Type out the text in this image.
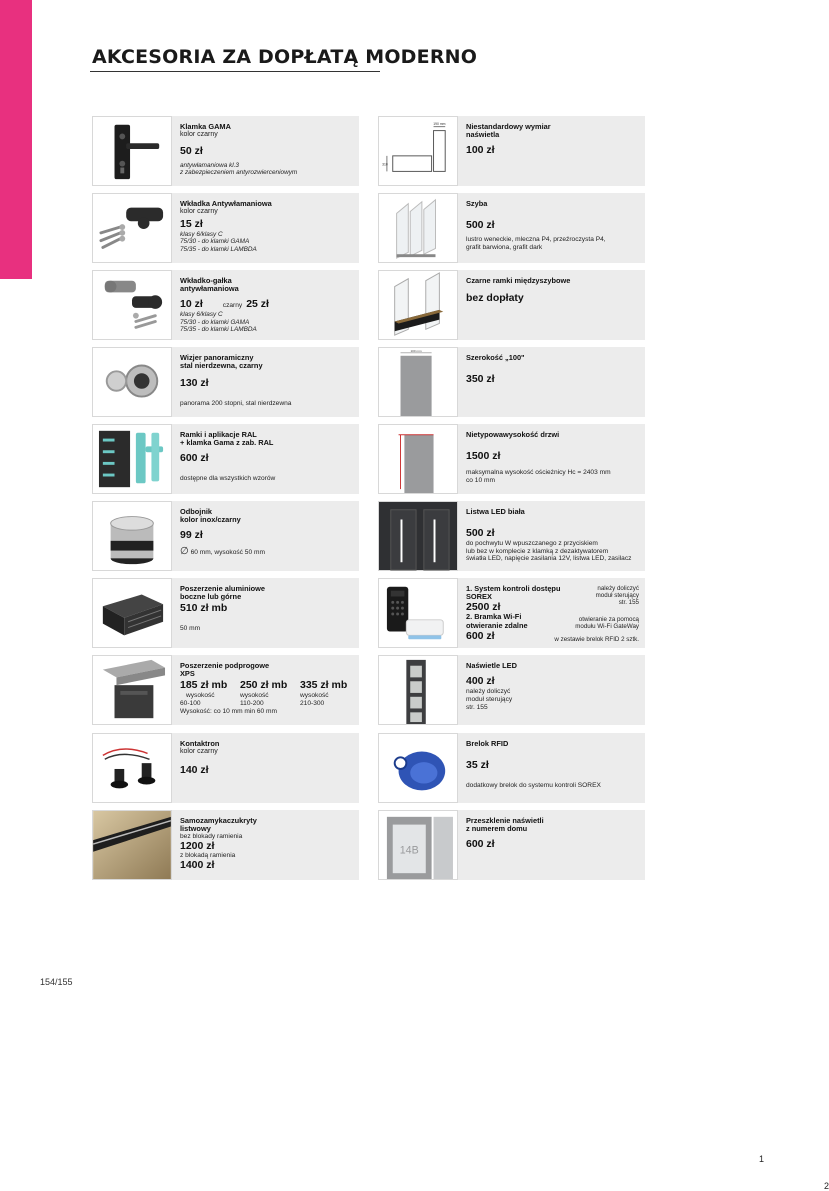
AKCESORIA ZA DOPŁATĄ MODERNO
Klamka GAMA
kolor czarny
50 zł
antywłamaniowa kl.3
z zabezpieczeniem antyrozwierceniowym
Wkładka Antywłamaniowa
kolor czarny
15 zł
klasy 6/klasy C
75/30 - do klamki GAMA
75/35 - do klamki LAMBDA
Wkładko-gałka
antywłamaniowa
10 zł	czarny 25 zł
klasy 6/klasy C
75/30 - do klamki GAMA
75/35 - do klamki LAMBDA
Wizjer panoramiczny
stal nierdzewna, czarny
130 zł
panorama 200 stopni, stal nierdzewna
Ramki i aplikacje RAL
+ klamka Gama z zab. RAL
600 zł
dostępne dla wszystkich wzorów
Odbojnik
kolor inox/czarny
99 zł
∅ 60 mm, wysokość 50 mm
Poszerzenie aluminiowe
boczne lub górne
510 zł mb
50 mm
Poszerzenie podprogowe
XPS
185 zł mb
wysokość
60-100
250 zł mb
wysokość
110-200
335 zł mb
wysokość
210-300
Wysokość: co 10 mm min 60 mm
Kontaktron
kolor czarny
140 zł
Samozamykaczukryty
listwowy
bez blokady ramienia
1200 zł
z blokadą ramienia
1400 zł
190 mm
310
Niestandardowy wymiar
naświetla
100 zł
Szyba
500 zł
lustro weneckie, mleczna P4, przeźroczysta P4,
grafit barwiona, grafit dark
Czarne ramki międzyszybowe
bez dopłaty
100 mm
Szerokość „100"
350 zł
Nietypowawysokość drzwi
1500 zł
maksymalna wysokość ościeżnicy Hc = 2403 mm
co 10 mm
Listwa LED biała
500 zł
do pochwytu W wpuszczanego z przyciskiem
lub bez w komplecie z klamką z dezaktywatorem
światła LED, napięcie zasilania 12V, listwa LED, zasilacz
1
2
1. System kontroli dostępu
SOREX
2500 zł
2. Bramka Wi-Fi
otwieranie zdalne
600 zł
należy doliczyć
moduł sterujący
str. 155
otwieranie za pomocą
modułu Wi-Fi GateWay
w zestawie brelok RFID 2 sztk.
Naświetle LED
400 zł
należy doliczyć
moduł sterujący
str. 155
Brelok RFID
35 zł
dodatkowy brelok do systemu kontroli SOREX
14B
Przeszklenie naświetli
z numerem domu
600 zł
154/155
